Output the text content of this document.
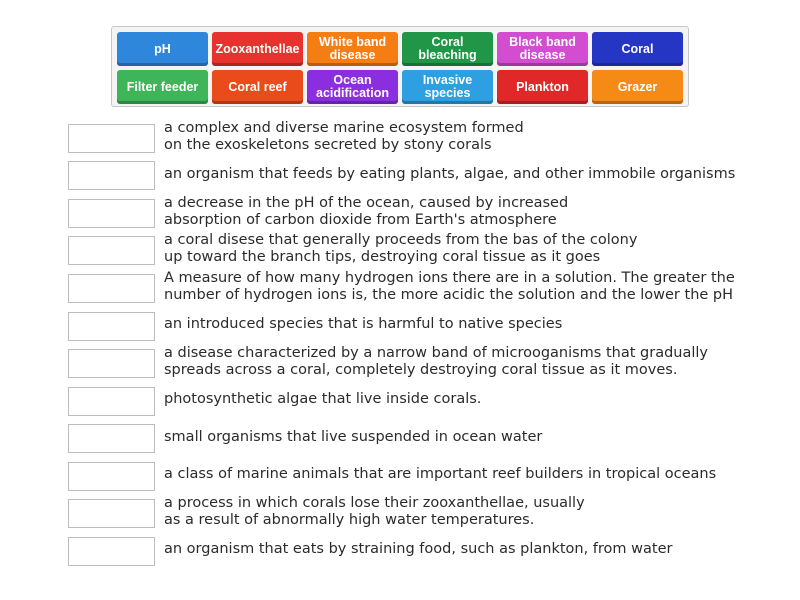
pH	Zooxanthellae	White band disease
Coral bleaching
Black band disease	Coral
Filter feeder	Coral reef	Ocean acidification
Invasive species	Plankton	Grazer
a complex and diverse marine ecosystem formed
on the exoskeletons secreted by stony corals
an organism that feeds by eating plants, algae, and other immobile organisms
a decrease in the pH of the ocean, caused by increased
absorption of carbon dioxide from Earth's atmosphere
a coral disese that generally proceeds from the bas of the colony
up toward the branch tips, destroying coral tissue as it goes
A measure of how many hydrogen ions there are in a solution. The greater the
number of hydrogen ions is, the more acidic the solution and the lower the pH
an introduced species that is harmful to native species
a disease characterized by a narrow band of microoganisms that gradually
spreads across a coral, completely destroying coral tissue as it moves.
photosynthetic algae that live inside corals.
small organisms that live suspended in ocean water
a class of marine animals that are important reef builders in tropical oceans
a process in which corals lose their zooxanthellae, usually
as a result of abnormally high water temperatures.
an organism that eats by straining food, such as plankton, from water
